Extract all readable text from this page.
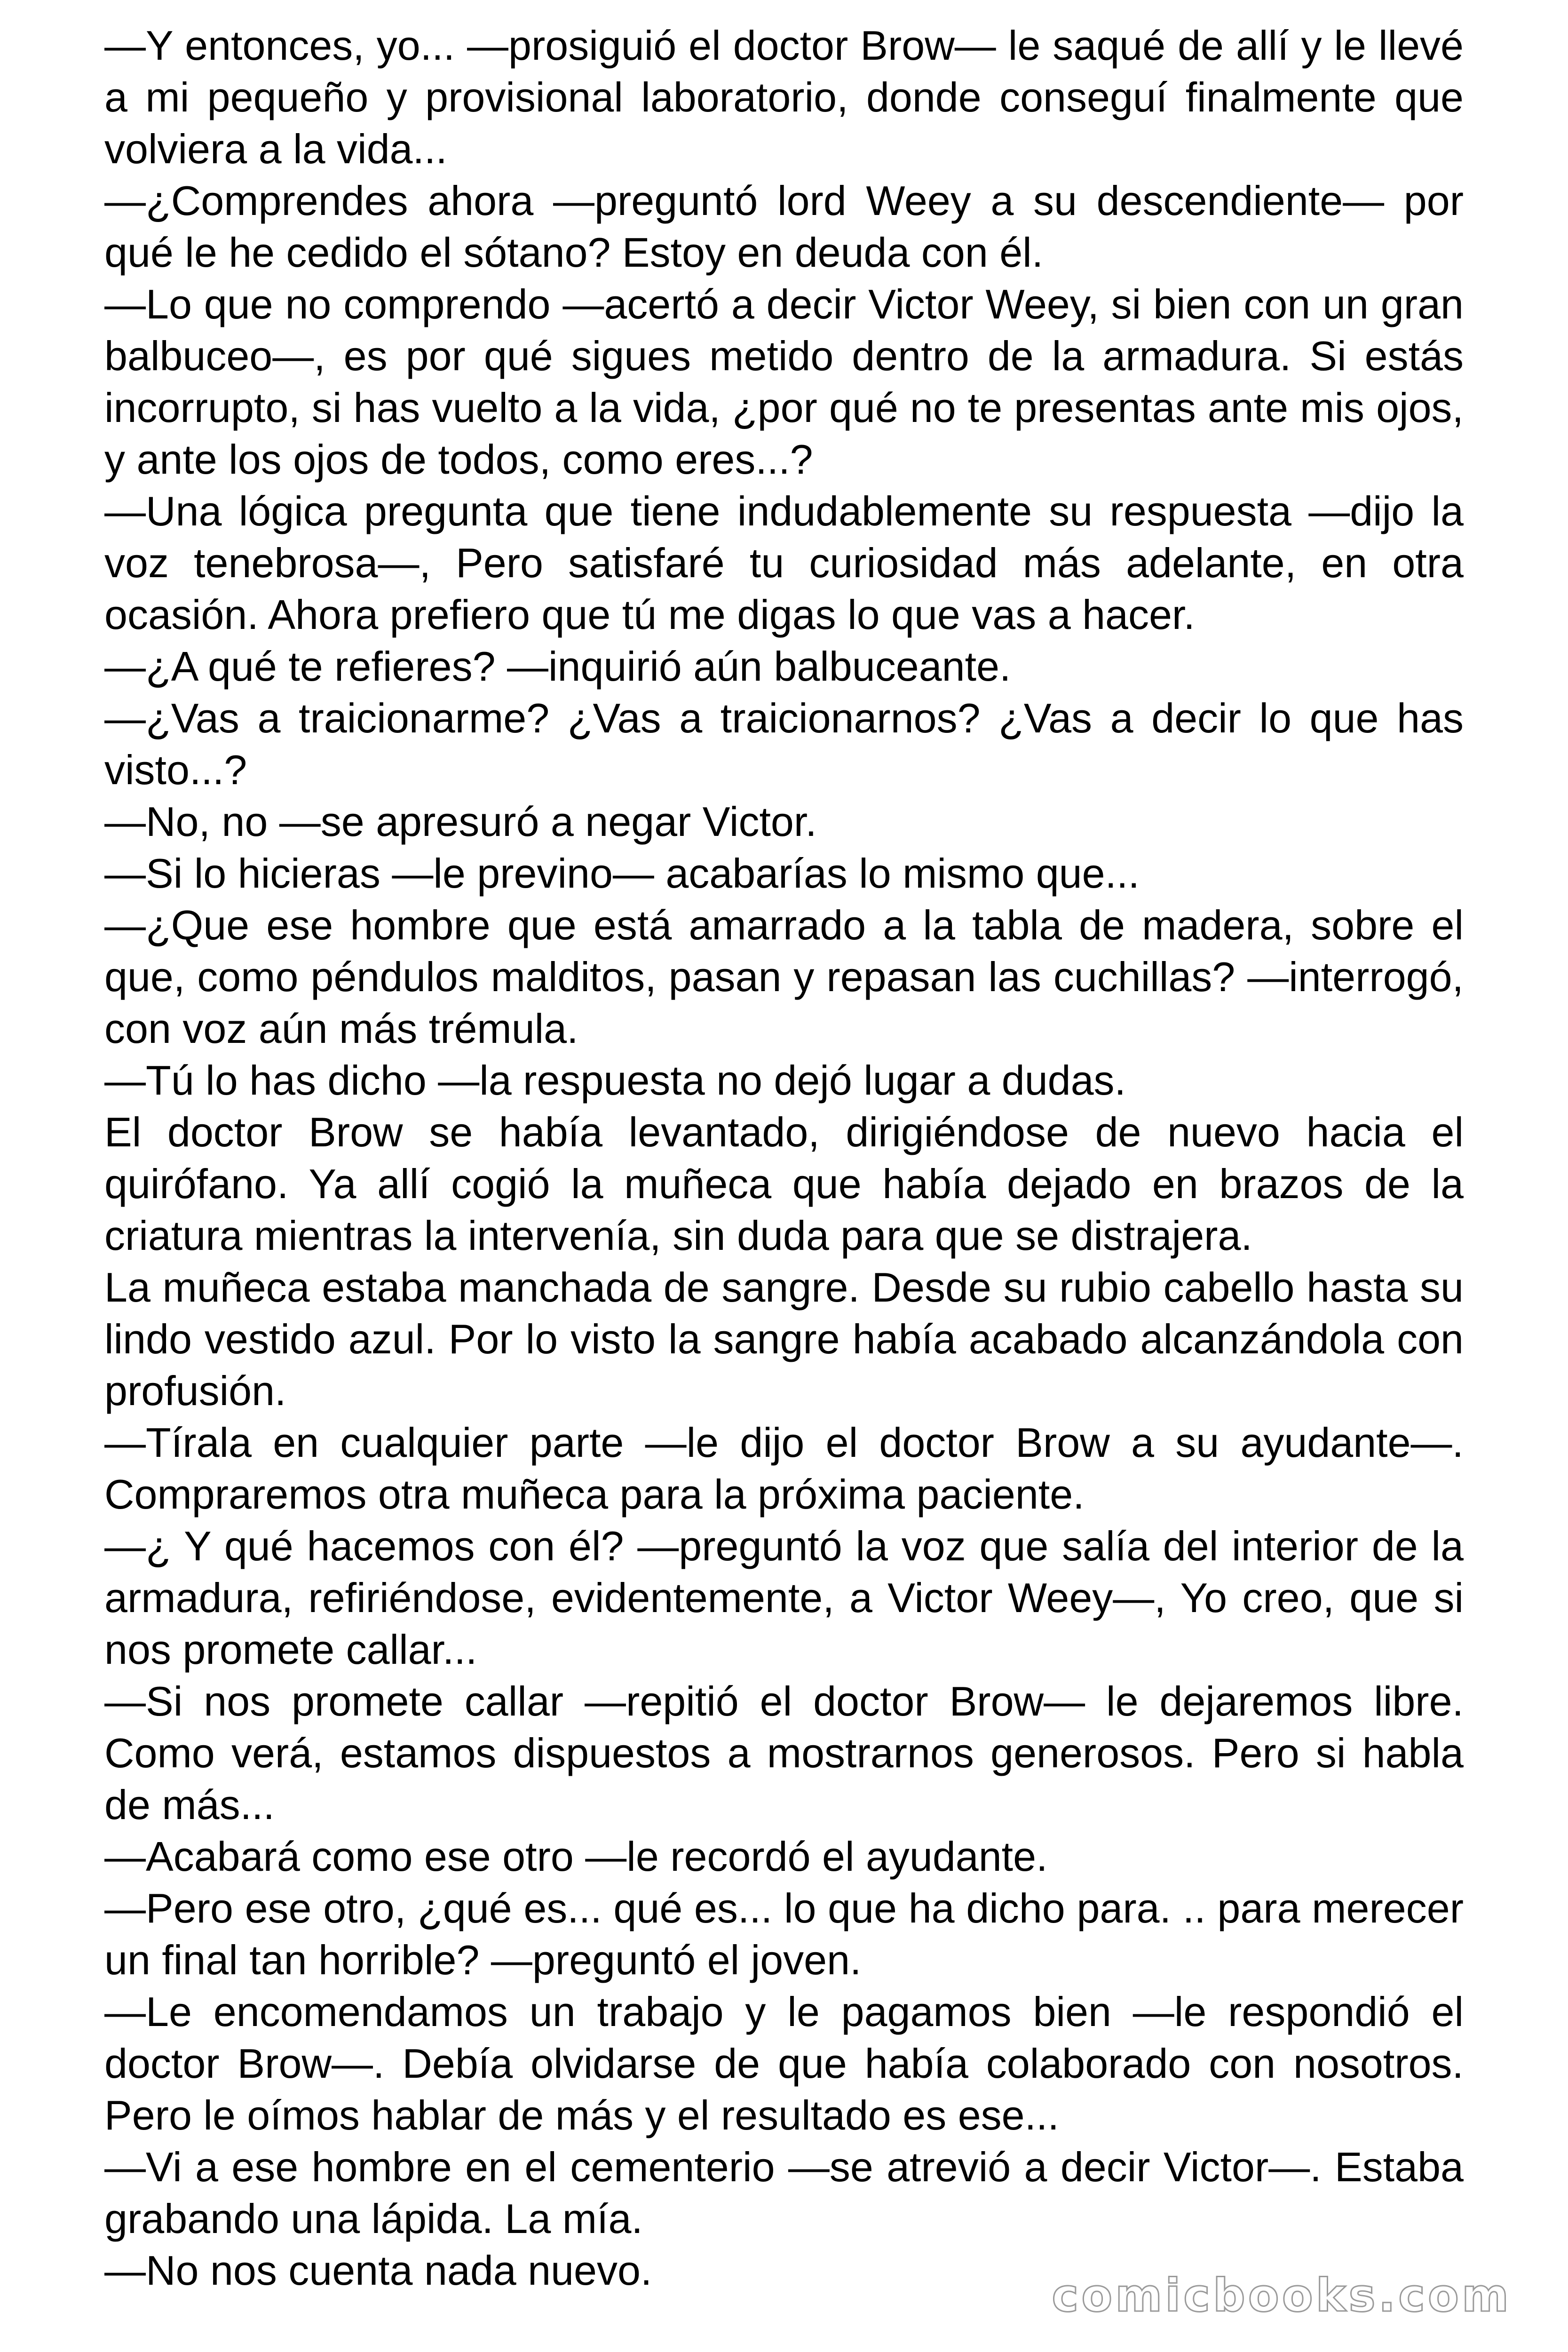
—Y entonces, yo... —prosiguió el doctor Brow— le saqué de allí y le llevé a mi pequeño y provisional laboratorio, donde conseguí finalmente que volviera a la vida...

—¿Comprendes ahora —preguntó lord Weey a su descendiente— por qué le he cedido el sótano? Estoy en deuda con él.

—Lo que no comprendo —acertó a decir Victor Weey, si bien con un gran balbuceo—, es por qué sigues metido dentro de la armadura. Si estás incorrupto, si has vuelto a la vida, ¿por qué no te presentas ante mis ojos, y ante los ojos de todos, como eres...?

—Una lógica pregunta que tiene indudablemente su respuesta —dijo la voz tenebrosa—, Pero satisfaré tu curiosidad más adelante, en otra ocasión. Ahora prefiero que tú me digas lo que vas a hacer.

—¿A qué te refieres? —inquirió aún balbuceante.

—¿Vas a traicionarme? ¿Vas a traicionarnos? ¿Vas a decir lo que has visto...?

—No, no —se apresuró a negar Victor.

—Si lo hicieras —le previno— acabarías lo mismo que...

—¿Que ese hombre que está amarrado a la tabla de madera, sobre el que, como péndulos malditos, pasan y repasan las cuchillas? —interrogó, con voz aún más trémula.

—Tú lo has dicho —la respuesta no dejó lugar a dudas.

El doctor Brow se había levantado, dirigiéndose de nuevo hacia el quirófano. Ya allí cogió la muñeca que había dejado en brazos de la criatura mientras la intervenía, sin duda para que se distrajera.

La muñeca estaba manchada de sangre. Desde su rubio cabello hasta su lindo vestido azul. Por lo visto la sangre había acabado alcanzándola con profusión.

—Tírala en cualquier parte —le dijo el doctor Brow a su ayudante—. Compraremos otra muñeca para la próxima paciente.

—¿ Y qué hacemos con él? —preguntó la voz que salía del interior de la armadura, refiriéndose, evidentemente, a Victor Weey—, Yo creo, que si nos promete callar...

—Si nos promete callar —repitió el doctor Brow— le dejaremos libre. Como verá, estamos dispuestos a mostrarnos generosos. Pero si habla de más...

—Acabará como ese otro —le recordó el ayudante.

—Pero ese otro, ¿qué es... qué es... lo que ha dicho para. .. para merecer un final tan horrible? —preguntó el joven.

—Le encomendamos un trabajo y le pagamos bien —le respondió el doctor Brow—. Debía olvidarse de que había colaborado con nosotros. Pero le oímos hablar de más y el resultado es ese...

—Vi a ese hombre en el cementerio —se atrevió a decir Victor—. Estaba grabando una lápida. La mía.

—No nos cuenta nada nuevo.	comicbooks.com
